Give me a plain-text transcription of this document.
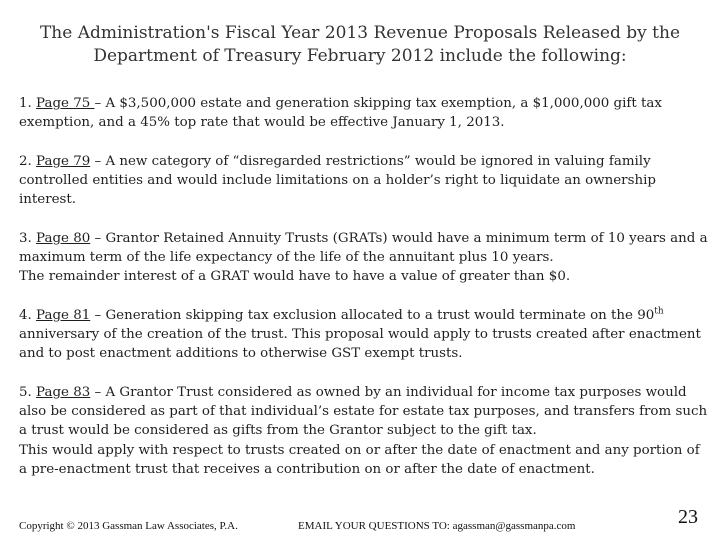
The Administration's Fiscal Year 2013 Revenue Proposals Released by the Department of Treasury February 2012 include the following:
1. Page 75 – A $3,500,000 estate and generation skipping tax exemption, a $1,000,000 gift tax exemption, and a 45% top rate that would be effective January 1, 2013.
2. Page 79 – A new category of “disregarded restrictions” would be ignored in valuing family controlled entities and would include limitations on a holder’s right to liquidate an ownership interest.
3. Page 80 – Grantor Retained Annuity Trusts (GRATs) would have a minimum term of 10 years and a maximum term of the life expectancy of the life of the annuitant plus 10 years.
The remainder interest of a GRAT would have to have a value of greater than $0.
4. Page 81 – Generation skipping tax exclusion allocated to a trust would terminate on the 90th anniversary of the creation of the trust. This proposal would apply to trusts created after enactment and to post enactment additions to otherwise GST exempt trusts.
5. Page 83 – A Grantor Trust considered as owned by an individual for income tax purposes would also be considered as part of that individual’s estate for estate tax purposes, and transfers from such a trust would be considered as gifts from the Grantor subject to the gift tax.
This would apply with respect to trusts created on or after the date of enactment and any portion of a pre-enactment trust that receives a contribution on or after the date of enactment.
Copyright © 2013 Gassman Law Associates, P.A.	EMAIL YOUR QUESTIONS TO: agassman@gassmanpa.com	23
